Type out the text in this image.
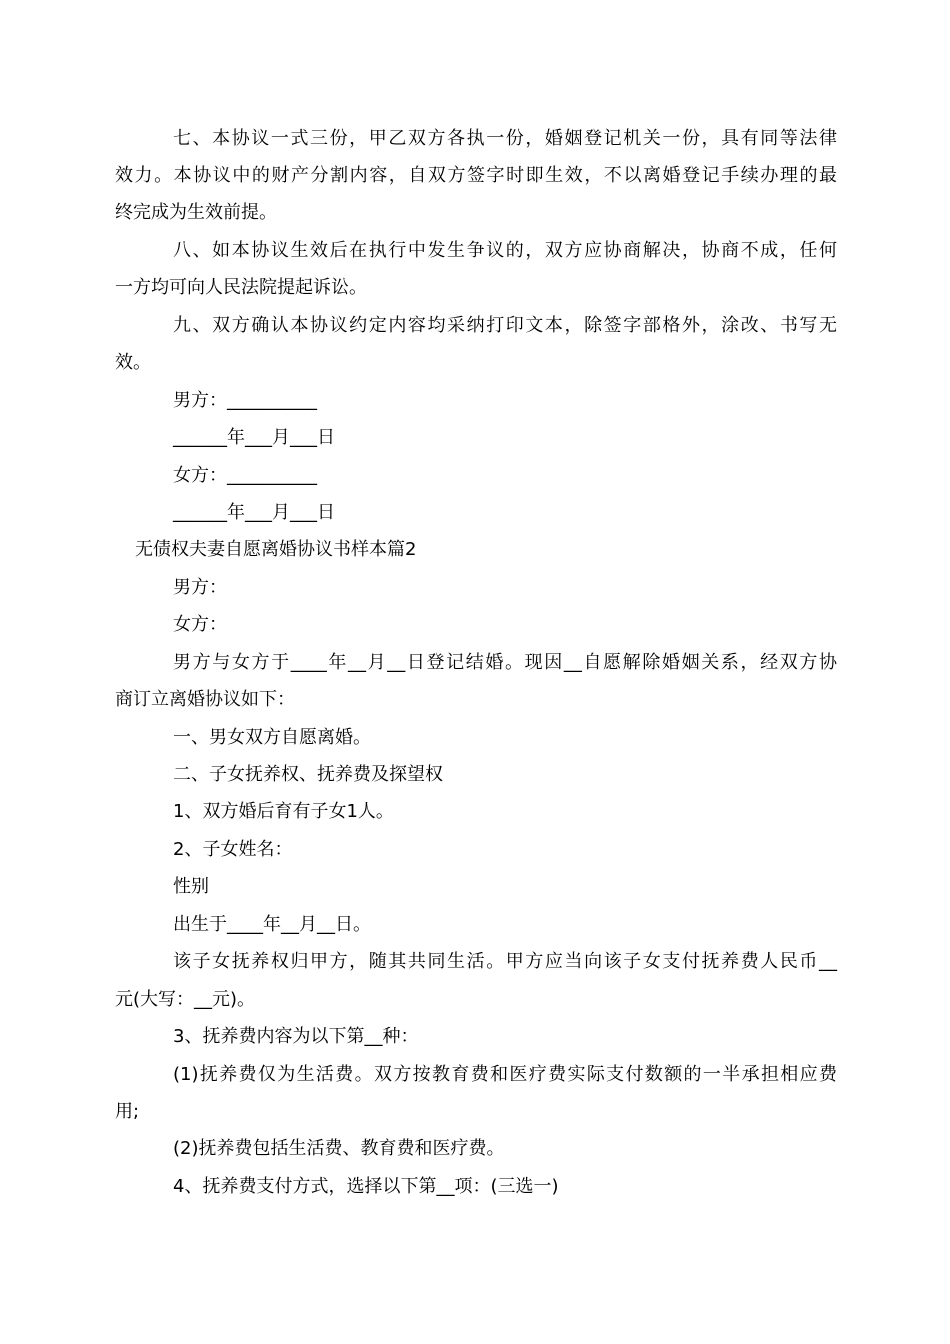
七、本协议一式三份，甲乙双方各执一份，婚姻登记机关一份，具有同等法律

效力。本协议中的财产分割内容，自双方签字时即生效，不以离婚登记手续办理的最

终完成为生效前提。

八、如本协议生效后在执行中发生争议的，双方应协商解决，协商不成，任何

一方均可向人民法院提起诉讼。

九、双方确认本协议约定内容均采纳打印文本，除签字部格外，涂改、书写无

效。

男方：__________

______年___月___日

女方：__________

______年___月___日

无债权夫妻自愿离婚协议书样本篇2

男方：

女方：

男方与女方于____年__月__日登记结婚。现因__自愿解除婚姻关系，经双方协

商订立离婚协议如下：

一、男女双方自愿离婚。

二、子女抚养权、抚养费及探望权

1、双方婚后育有子女1人。

2、子女姓名：

性别

出生于____年__月__日。

该子女抚养权归甲方，随其共同生活。甲方应当向该子女支付抚养费人民币__

元(大写：__元)。

3、抚养费内容为以下第__种：

(1)抚养费仅为生活费。双方按教育费和医疗费实际支付数额的一半承担相应费

用;

(2)抚养费包括生活费、教育费和医疗费。

4、抚养费支付方式，选择以下第__项：(三选一)
